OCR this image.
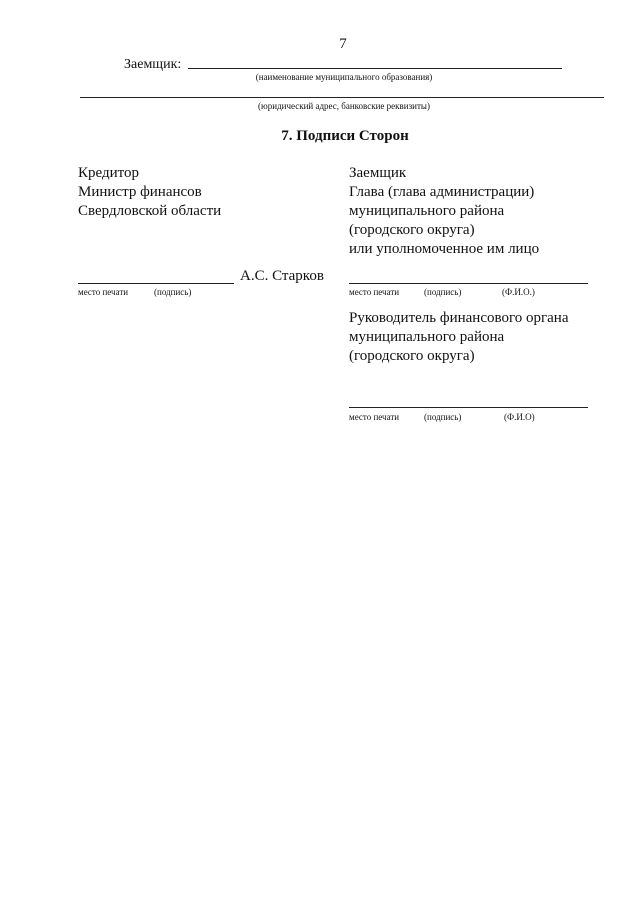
7
Заемщик:
(наименование муниципального образования)
(юридический адрес, банковские реквизиты)
7. Подписи Сторон
Кредитор
Министр финансов
Свердловской области
А.С. Старков
место печати	(подпись)
Заемщик
Глава (глава администрации)
муниципального района
(городского округа)
или уполномоченное им лицо
место печати	(подпись)	(Ф.И.О.)
Руководитель финансового органа
муниципального района
(городского округа)
место печати	(подпись)	(Ф.И.О)
